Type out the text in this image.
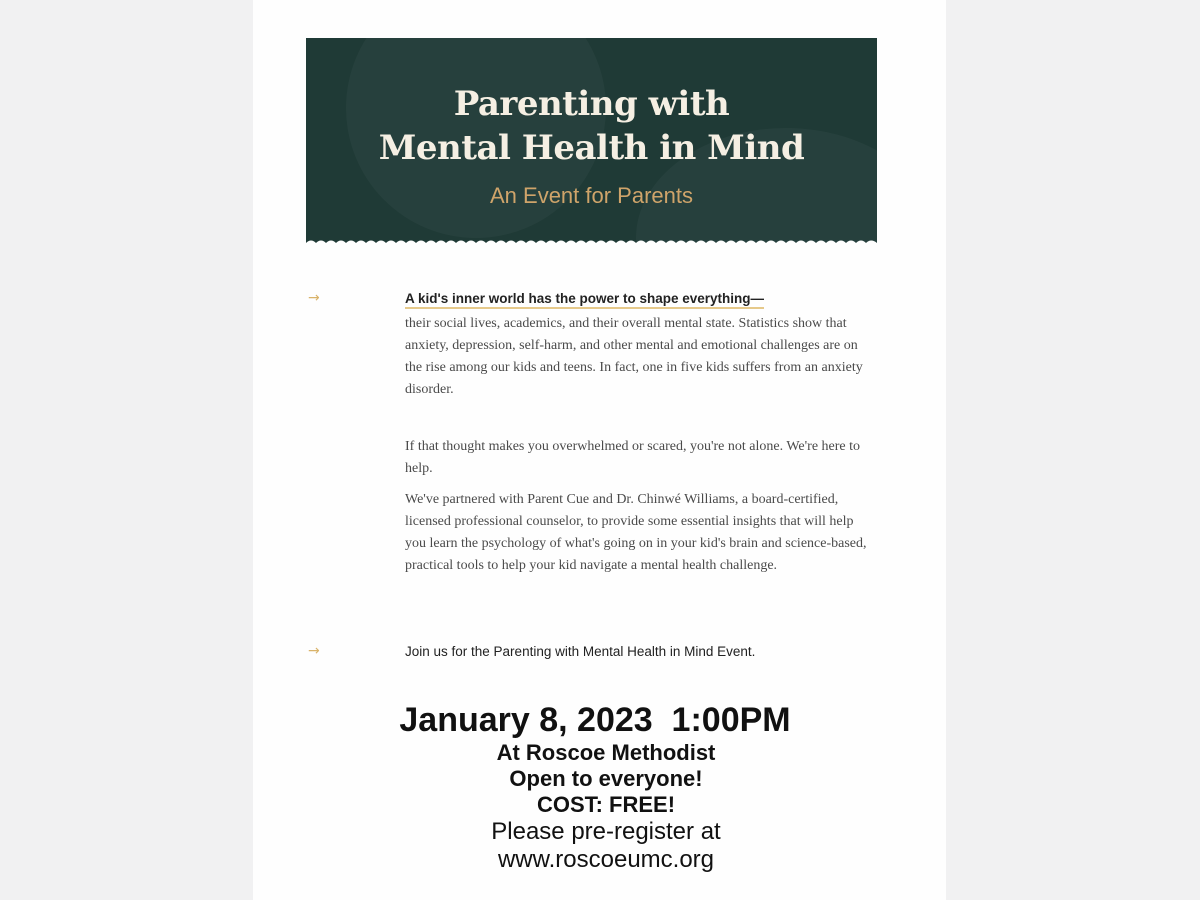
Parenting with
Mental Health in Mind
An Event for Parents
→	A kid's inner world has the power to shape everything—

their social lives, academics, and their overall mental state. Statistics show that anxiety, depression, self-harm, and other mental and emotional challenges are on the rise among our kids and teens. In fact, one in five kids suffers from an anxiety disorder.

If that thought makes you overwhelmed or scared, you're not alone. We're here to help.

We've partnered with Parent Cue and Dr. Chinwé Williams, a board-certified, licensed professional counselor, to provide some essential insights that will help you learn the psychology of what's going on in your kid's brain and science-based, practical tools to help your kid navigate a mental health challenge.

→	Join us for the Parenting with Mental Health in Mind Event.
January 8, 2023  1:00PM
At Roscoe Methodist
Open to everyone!
COST: FREE!
Please pre-register at
www.roscoeumc.org
